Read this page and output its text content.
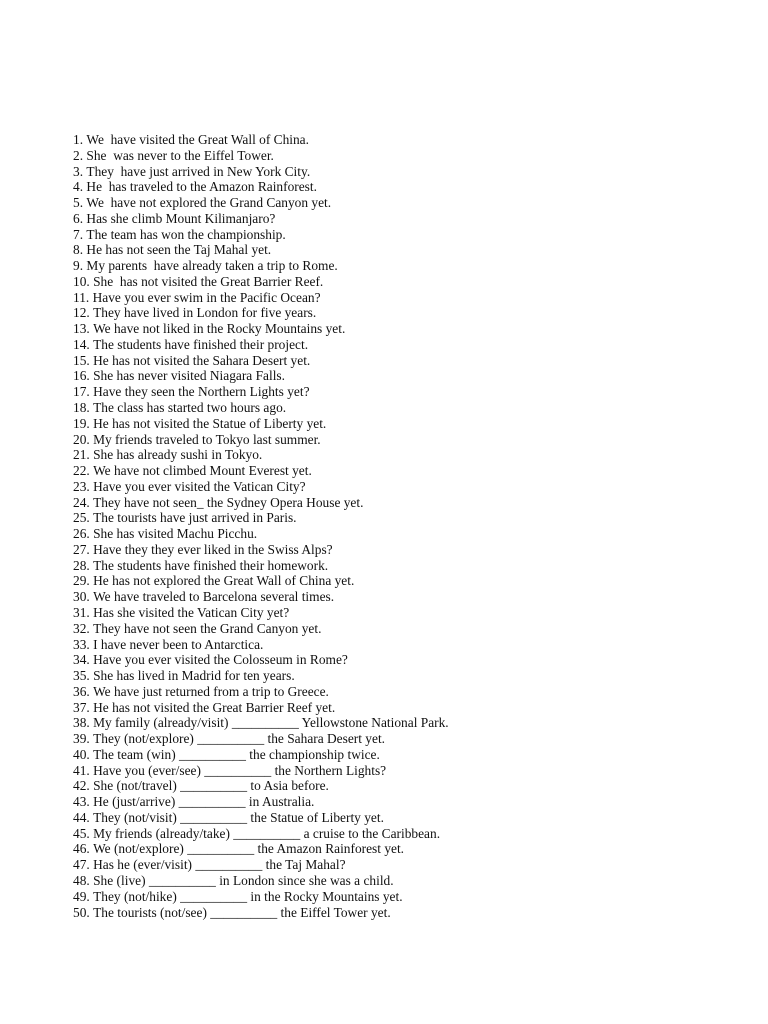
1.
We  have visited the Great Wall of China.
2.
She  was never to the Eiffel Tower.
3.
They  have just arrived in New York City.
4.
He  has traveled to the Amazon Rainforest.
5.
We  have not explored the Grand Canyon yet.
6.
Has she climb Mount Kilimanjaro?
7.
The team has won the championship.
8.
He has not seen the Taj Mahal yet.
9.
My parents  have already taken a trip to Rome.
10.
She  has not visited the Great Barrier Reef.
11.
Have you ever swim in the Pacific Ocean?
12.
They have lived in London for five years.
13.
We have not liked in the Rocky Mountains yet.
14.
The students have finished their project.
15.
He has not visited the Sahara Desert yet.
16.
She has never visited Niagara Falls.
17.
Have they seen the Northern Lights yet?
18.
The class has started two hours ago.
19.
He has not visited the Statue of Liberty yet.
20.
My friends traveled to Tokyo last summer.
21.
She has already sushi in Tokyo.
22.
We have not climbed Mount Everest yet.
23.
Have you ever visited the Vatican City?
24.
They have not seen_ the Sydney Opera House yet.
25.
The tourists have just arrived in Paris.
26.
She has visited Machu Picchu.
27.
Have they they ever liked in the Swiss Alps?
28.
The students have finished their homework.
29.
He has not explored the Great Wall of China yet.
30.
We have traveled to Barcelona several times.
31.
Has she visited the Vatican City yet?
32.
They have not seen the Grand Canyon yet.
33.
I have never been to Antarctica.
34.
Have you ever visited the Colosseum in Rome?
35.
She has lived in Madrid for ten years.
36.
We have just returned from a trip to Greece.
37.
He has not visited the Great Barrier Reef yet.
38.
My family (already/visit) __________ Yellowstone National Park.
39.
They (not/explore) __________ the Sahara Desert yet.
40.
The team (win) __________ the championship twice.
41.
Have you (ever/see) __________ the Northern Lights?
42.
She (not/travel) __________ to Asia before.
43.
He (just/arrive) __________ in Australia.
44.
They (not/visit) __________ the Statue of Liberty yet.
45.
My friends (already/take) __________ a cruise to the Caribbean.
46.
We (not/explore) __________ the Amazon Rainforest yet.
47.
Has he (ever/visit) __________ the Taj Mahal?
48.
She (live) __________ in London since she was a child.
49.
They (not/hike) __________ in the Rocky Mountains yet.
50.
The tourists (not/see) __________ the Eiffel Tower yet.
